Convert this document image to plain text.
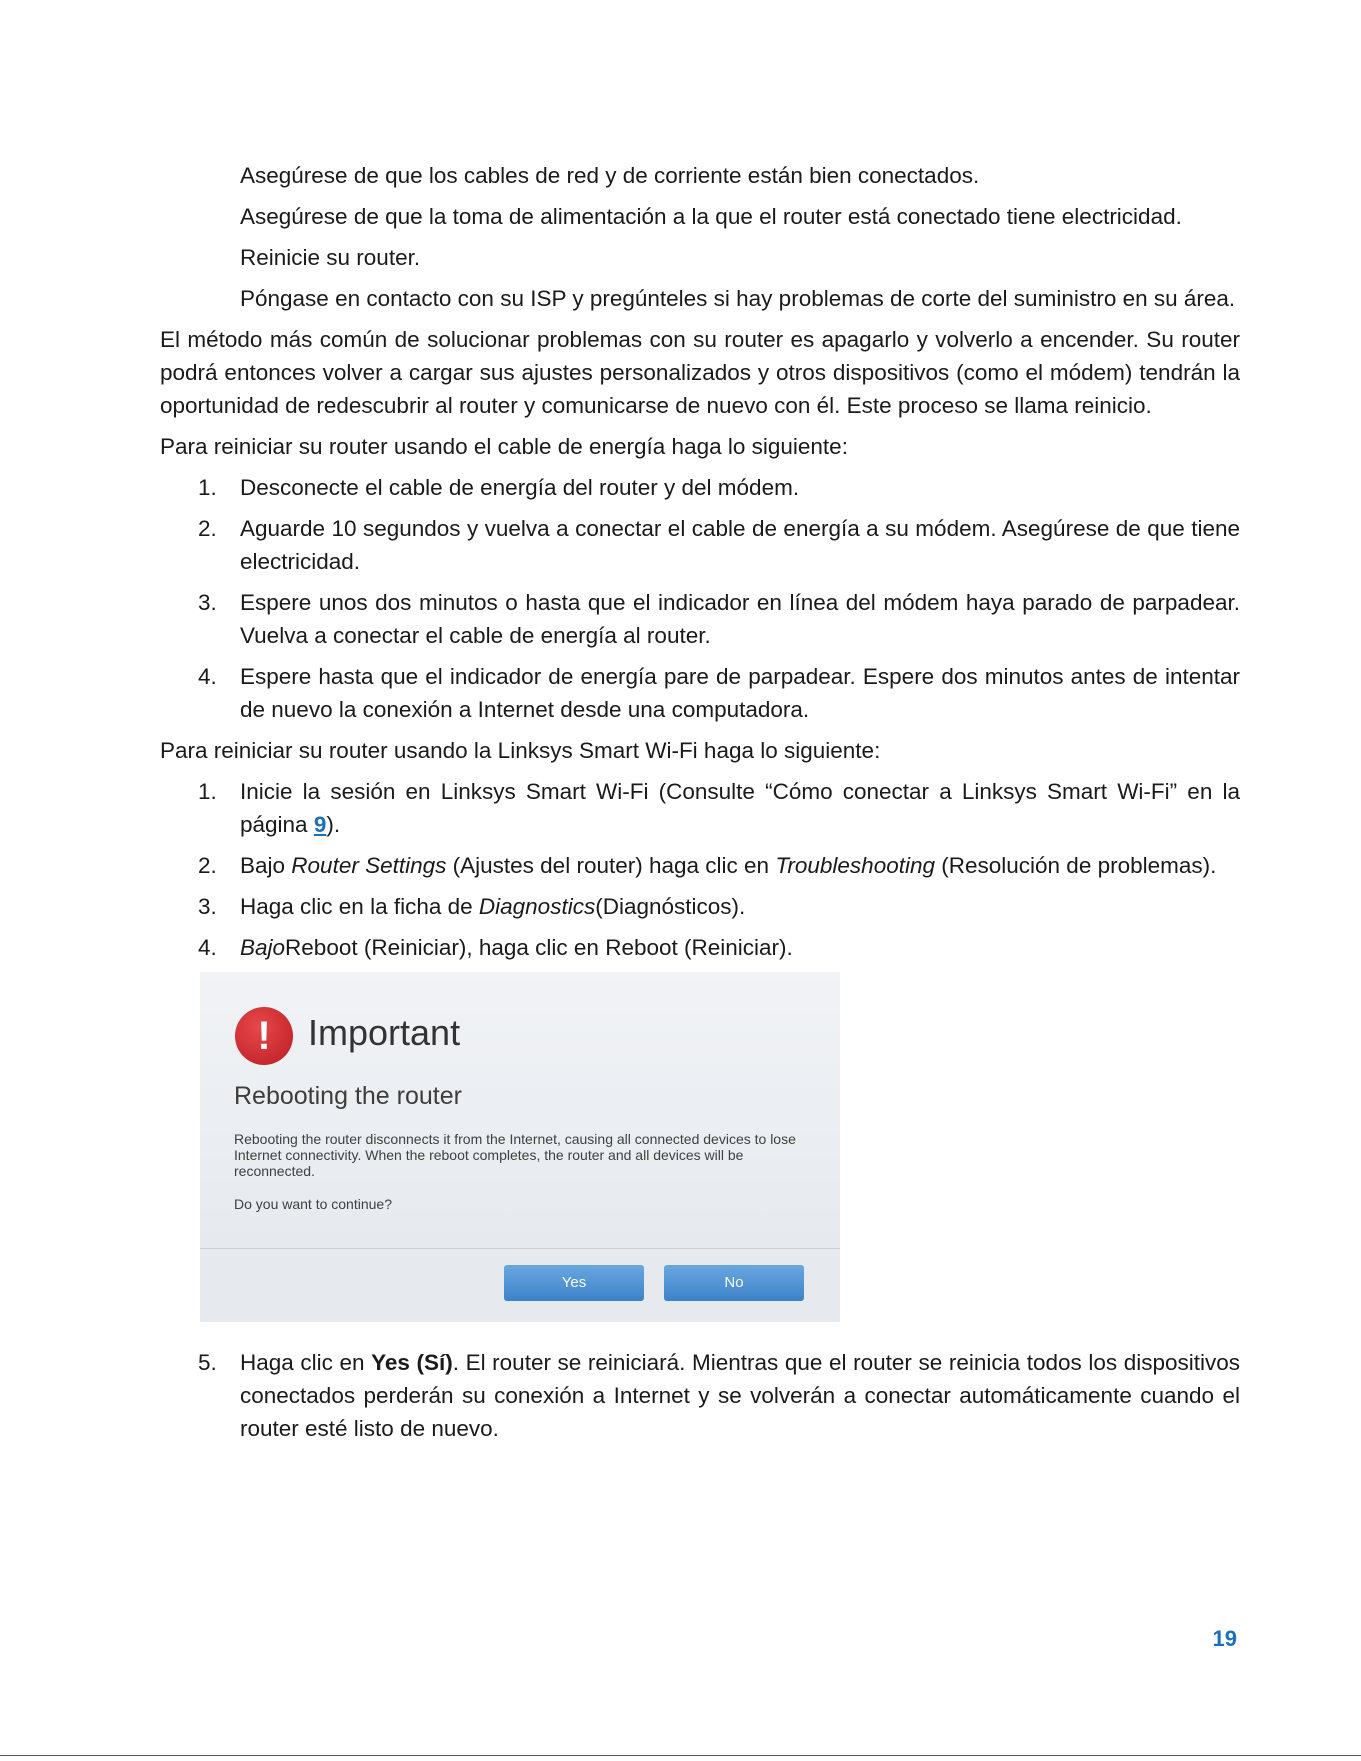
Asegúrese de que los cables de red y de corriente están bien conectados.

Asegúrese de que la toma de alimentación a la que el router está conectado tiene electricidad.

Reinicie su router.

Póngase en contacto con su ISP y pregúnteles si hay problemas de corte del suministro en su área.

El método más común de solucionar problemas con su router es apagarlo y volverlo a encender. Su router podrá entonces volver a cargar sus ajustes personalizados y otros dispositivos (como el módem) tendrán la oportunidad de redescubrir al router y comunicarse de nuevo con él. Este proceso se llama reinicio.

Para reiniciar su router usando el cable de energía haga lo siguiente:

1. Desconecte el cable de energía del router y del módem.
2. Aguarde 10 segundos y vuelva a conectar el cable de energía a su módem. Asegúrese de que tiene electricidad.
3. Espere unos dos minutos o hasta que el indicador en línea del módem haya parado de parpadear. Vuelva a conectar el cable de energía al router.
4. Espere hasta que el indicador de energía pare de parpadear. Espere dos minutos antes de intentar de nuevo la conexión a Internet desde una computadora.

Para reiniciar su router usando la Linksys Smart Wi-Fi haga lo siguiente:

1. Inicie la sesión en Linksys Smart Wi-Fi (Consulte “Cómo conectar a Linksys Smart Wi-Fi” en la página 9).
2. Bajo Router Settings (Ajustes del router) haga clic en Troubleshooting (Resolución de problemas).
3. Haga clic en la ficha de Diagnostics(Diagnósticos).
4. BajoReboot (Reiniciar), haga clic en Reboot (Reiniciar).
!	Important
Rebooting the router
Rebooting the router disconnects it from the Internet, causing all connected devices to lose Internet connectivity. When the reboot completes, the router and all devices will be reconnected.
Do you want to continue?
Yes	No
5. Haga clic en Yes (Sí). El router se reiniciará. Mientras que el router se reinicia todos los dispositivos conectados perderán su conexión a Internet y se volverán a conectar automáticamente cuando el router esté listo de nuevo.
19
